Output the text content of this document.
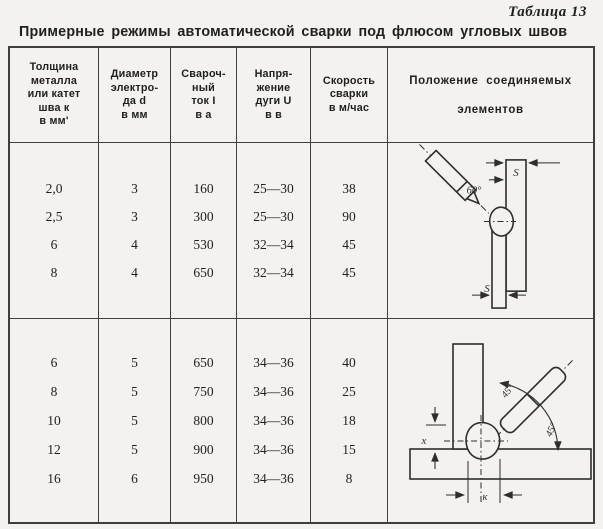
Таблица 13
Примерные режимы автоматической сварки под флюсом угловых швов
Толщина
металла
или катет
шва к
в мм'
Диаметр
электро-
да d
в мм
Свароч-
ный
ток I
в а
Напря-
жение
дуги U
в в
Скорость
сварки
в м/час
Положение соединяемых
элементов
2,0
2,5
6
8
3
3
4
4
160
300
530
650
25—30
25—30
32—34
32—34
38
90
45
45
S
60°
S
6
8
10
12
16
5
5
5
5
6
650
750
800
900
950
34—36
34—36
34—36
34—36
34—36
40
25
18
15
8
45°
45°
x
к
